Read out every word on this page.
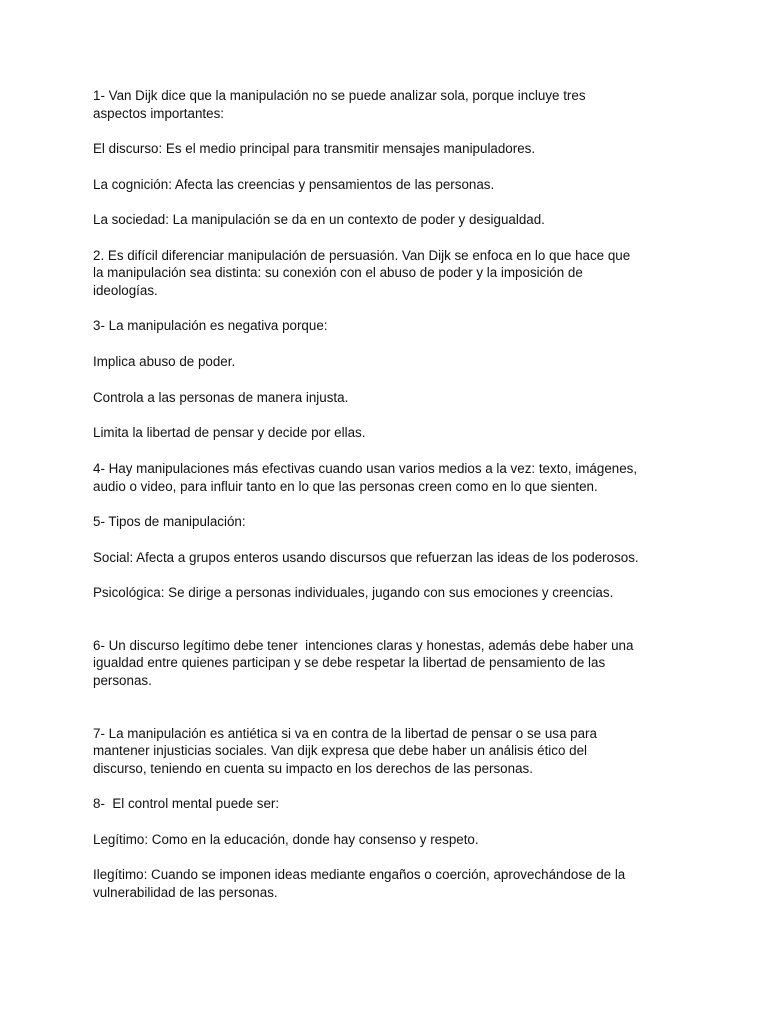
1- Van Dijk dice que la manipulación no se puede analizar sola, porque incluye tres
aspectos importantes:
El discurso: Es el medio principal para transmitir mensajes manipuladores.
La cognición: Afecta las creencias y pensamientos de las personas.
La sociedad: La manipulación se da en un contexto de poder y desigualdad.
2. Es difícil diferenciar manipulación de persuasión. Van Dijk se enfoca en lo que hace que
la manipulación sea distinta: su conexión con el abuso de poder y la imposición de
ideologías.
3- La manipulación es negativa porque:
Implica abuso de poder.
Controla a las personas de manera injusta.
Limita la libertad de pensar y decide por ellas.
4- Hay manipulaciones más efectivas cuando usan varios medios a la vez: texto, imágenes,
audio o video, para influir tanto en lo que las personas creen como en lo que sienten.
5- Tipos de manipulación:
Social: Afecta a grupos enteros usando discursos que refuerzan las ideas de los poderosos.
Psicológica: Se dirige a personas individuales, jugando con sus emociones y creencias.
6- Un discurso legítimo debe tener  intenciones claras y honestas, además debe haber una
igualdad entre quienes participan y se debe respetar la libertad de pensamiento de las
personas.
7- La manipulación es antiética si va en contra de la libertad de pensar o se usa para
mantener injusticias sociales. Van dijk expresa que debe haber un análisis ético del
discurso, teniendo en cuenta su impacto en los derechos de las personas.
8-  El control mental puede ser:
Legítimo: Como en la educación, donde hay consenso y respeto.
Ilegítimo: Cuando se imponen ideas mediante engaños o coerción, aprovechándose de la
vulnerabilidad de las personas.
